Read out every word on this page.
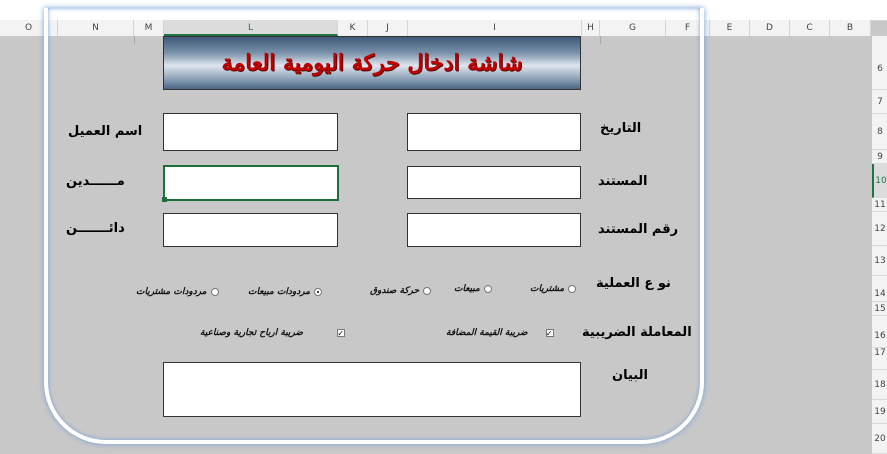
O	N	M	L	K	J	I	H	G	F	E	D	C	B
6
7
8
9
10
11
12
13
14
15
16
17
18
19
20
شاشة ادخال حركة اليومية العامة
التاريخ
المستند
رقم المستند
اسم العميل
مــــــدين
دائـــــــن
نو ع العملية
مشتريات
مبيعات
حركة صندوق
مردودات مبيعات
مردودات مشتريات
المعاملة الضريبية
✓
ضريبة القيمة المضافة
✓
ضريبة ارباح تجارية وصناعية
البيان
